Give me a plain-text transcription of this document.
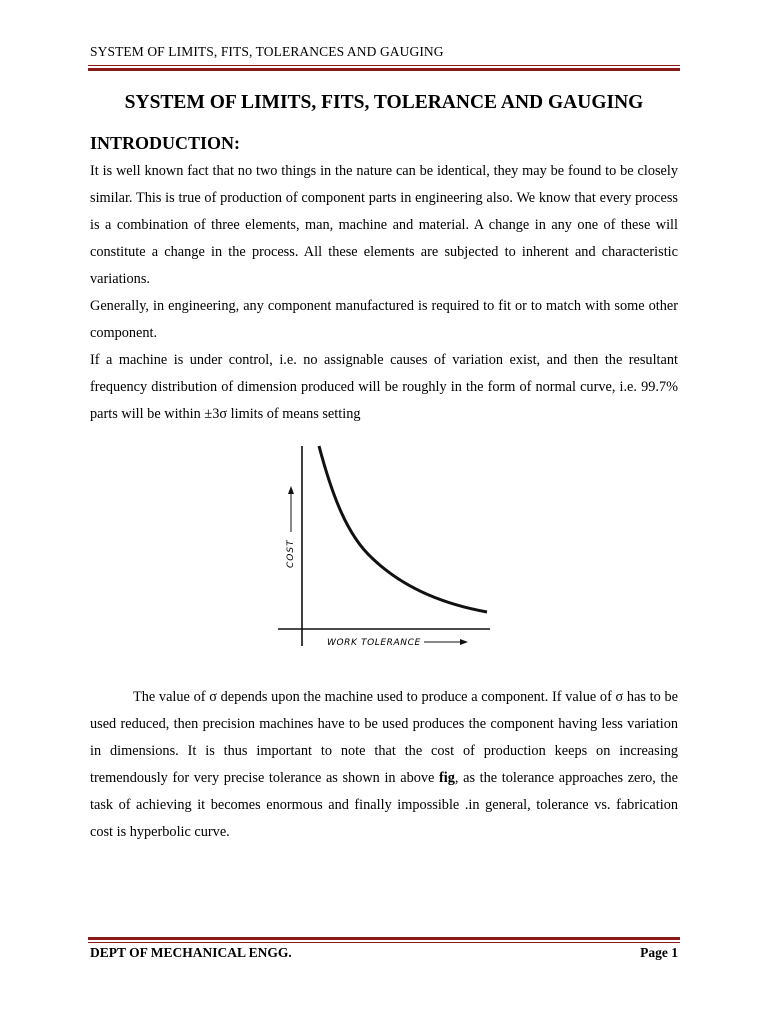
SYSTEM OF LIMITS, FITS, TOLERANCES AND GAUGING
SYSTEM OF LIMITS, FITS, TOLERANCE AND GAUGING
INTRODUCTION:

It is well known fact that no two things in the nature can be identical, they may be found to be closely similar. This is true of production of component parts in engineering also. We know that every process is a combination of three elements, man, machine and material. A change in any one of these will constitute a change in the process. All these elements are subjected to inherent and characteristic variations.

Generally, in engineering, any component manufactured is required to fit or to match with some other component.

If a machine is under control, i.e. no assignable causes of variation exist, and then the resultant frequency distribution of dimension produced will be roughly in the form of normal curve, i.e. 99.7% parts will be within ±3σ limits of means setting

COST
WORK TOLERANCE

The value of σ depends upon the machine used to produce a component. If value of σ has to be used reduced, then precision machines have to be used produces the component having less variation in dimensions. It is thus important to note that the cost of production keeps on increasing tremendously for very precise tolerance as shown in above fig, as the tolerance approaches zero, the task of achieving it becomes enormous and finally impossible .in general, tolerance vs. fabrication cost is hyperbolic curve.

DEPT OF MECHANICAL ENGG.	Page 1
